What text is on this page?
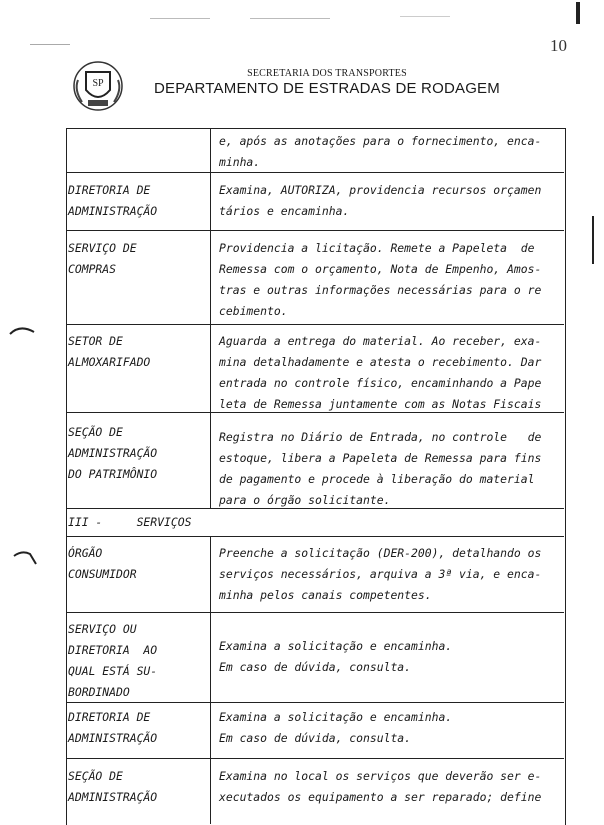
10
SP
SECRETARIA DOS TRANSPORTES
DEPARTAMENTO DE ESTRADAS DE RODAGEM
e, após as anotações para o fornecimento, enca-
minha.
DIRETORIA DE
ADMINISTRAÇÃO
Examina, AUTORIZA, providencia recursos orçamen
tários e encaminha.
SERVIÇO DE
COMPRAS
Providencia a licitação. Remete a Papeleta  de
Remessa com o orçamento, Nota de Empenho, Amos-
tras e outras informações necessárias para o re
cebimento.
SETOR DE
ALMOXARIFADO
Aguarda a entrega do material. Ao receber, exa-
mina detalhadamente e atesta o recebimento. Dar
entrada no controle físico, encaminhando a Pape
leta de Remessa juntamente com as Notas Fiscais
SEÇÃO DE
ADMINISTRAÇÃO
DO PATRIMÔNIO
Registra no Diário de Entrada, no controle   de
estoque, libera a Papeleta de Remessa para fins
de pagamento e procede à liberação do material
para o órgão solicitante.
III -     SERVIÇOS
ÓRGÃO
CONSUMIDOR
Preenche a solicitação (DER-200), detalhando os
serviços necessários, arquiva a 3ª via, e enca-
minha pelos canais competentes.
SERVIÇO OU
DIRETORIA  AO
QUAL ESTÁ SU-
BORDINADO
Examina a solicitação e encaminha.
Em caso de dúvida, consulta.
DIRETORIA DE
ADMINISTRAÇÃO
Examina a solicitação e encaminha.
Em caso de dúvida, consulta.
SEÇÃO DE
ADMINISTRAÇÃO
Examina no local os serviços que deverão ser e-
xecutados os equipamento a ser reparado; define
